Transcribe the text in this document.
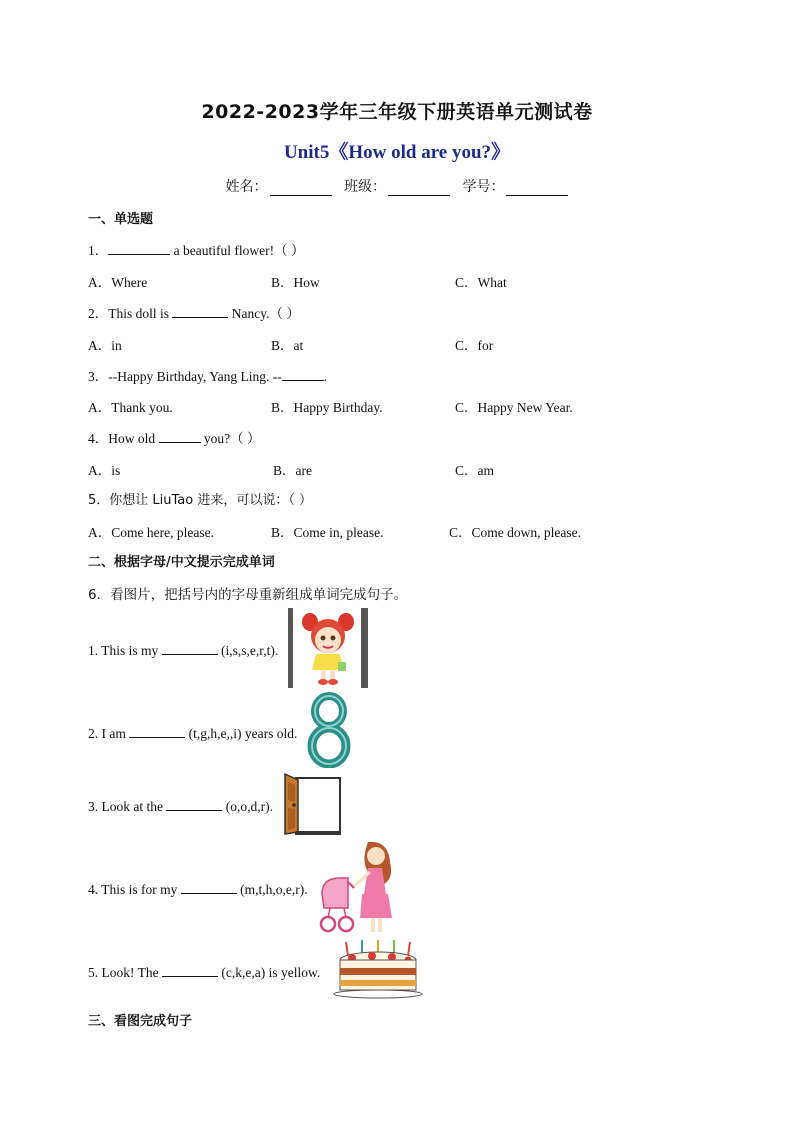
2022-2023学年三年级下册英语单元测试卷
Unit5《How old are you?》
姓名：	班级：	学号：
一、单选题
1．	a beautiful flower!（ ）
A．Where	B．How	C．What
2．This doll is	Nancy.（ ）
A．in	B．at	C．for
3．--Happy Birthday, Yang Ling. --	.
A．Thank you.	B．Happy Birthday.	C．Happy New Year.
4．How old	you?（ ）
A．is	B．are	C．am
5．你想让 LiuTao 进来，可以说：（ ）
A．Come here, please.	B．Come in, please.	C．Come down, please.
二、根据字母/中文提示完成单词
6．看图片，把括号内的字母重新组成单词完成句子。
1. This is my	(i,s,s,e,r,t).
2. I am	(t,g,h,e,,i) years old.
3. Look at the	(o,o,d,r).
4. This is for my	(m,t,h,o,e,r).
5. Look! The	(c,k,e,a) is yellow.
三、看图完成句子
